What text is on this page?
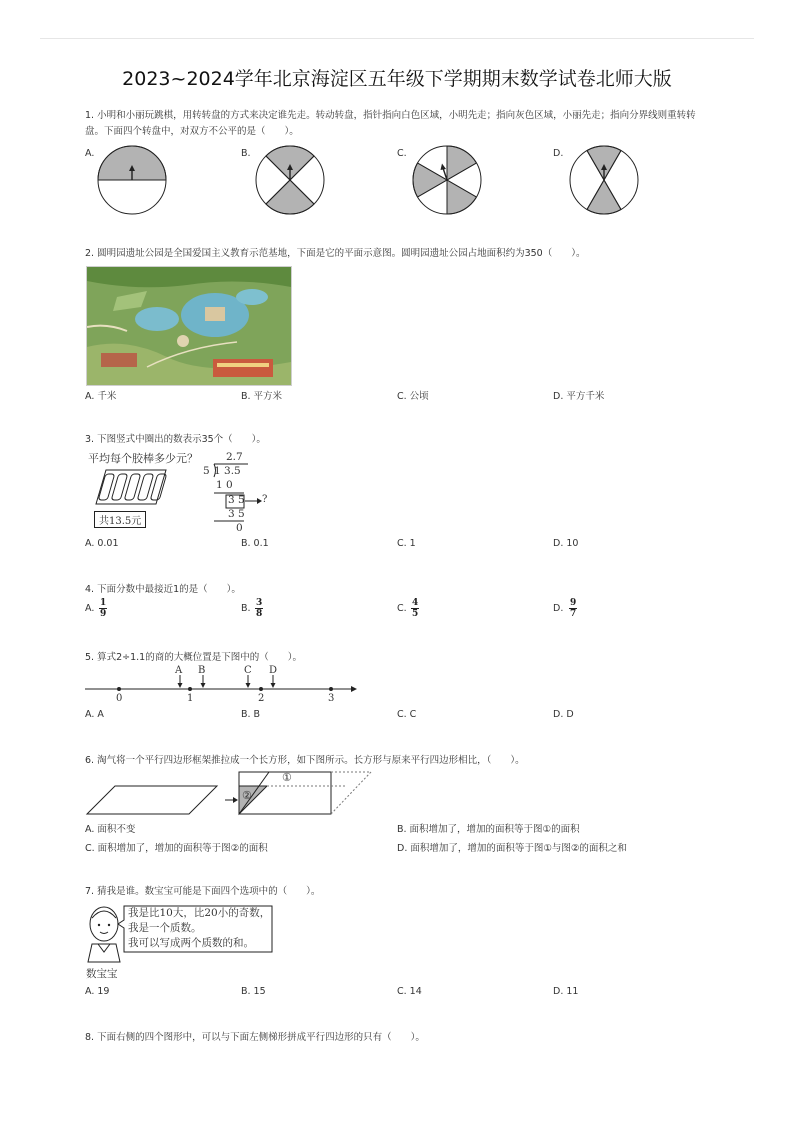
2023~2024学年北京海淀区五年级下学期期末数学试卷北师大版
1. 小明和小丽玩跳棋，用转转盘的方式来决定谁先走。转动转盘，指针指向白色区域，小明先走；指向灰色区域，小丽先走；指向分界线则重转转
盘。下面四个转盘中，对双方不公平的是（　　）。
A.	B.	C.	D.
2. 圆明园遗址公园是全国爱国主义教育示范基地，下面是它的平面示意图。圆明园遗址公园占地面积约为350（　　）。
A. 千米	B. 平方米	C. 公顷	D. 平方千米
3. 下图竖式中圈出的数表示35个（　　）。
平均每个胶棒多少元？
共13.5元
2.7
5 1 3.5
1 0
3 5 ?
3 5
0
A. 0.01	B. 0.1	C. 1	D. 10
4. 下面分数中最接近1的是（　　）。
A. $\frac{1}{9}$	B. $\frac{3}{8}$	C. $\frac{4}{5}$	D. $\frac{9}{7}$
5. 算式2÷1.1的商的大概位置是下图中的（　　）。
A B	C D
0	1	2	3
A. A	B. B	C. C	D. D
6. 淘气将一个平行四边形框架推拉成一个长方形，如下图所示。长方形与原来平行四边形相比，（　　）。
①
②
A. 面积不变	B. 面积增加了，增加的面积等于图①的面积
C. 面积增加了，增加的面积等于图②的面积	D. 面积增加了，增加的面积等于图①与图②的面积之和
7. 猜我是谁。数宝宝可能是下面四个选项中的（　　）。
我是比10大，比20小的奇数，
我是一个质数。
我可以写成两个质数的和。
数宝宝
A. 19	B. 15	C. 14	D. 11
8. 下面右侧的四个图形中，可以与下面左侧梯形拼成平行四边形的只有（　　）。
